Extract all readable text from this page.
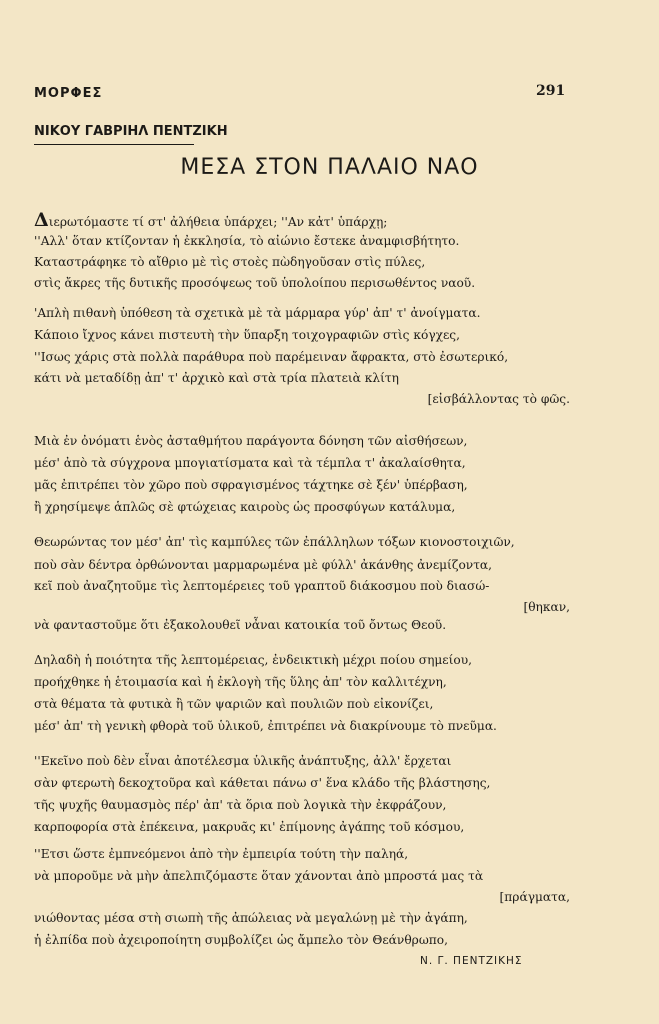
ΜΟΡΦΕΣ	291
ΝΙΚΟΥ ΓΑΒΡΙΗΛ ΠΕΝΤΖΙΚΗ
ΜΕΣΑ ΣΤΟΝ ΠΑΛΑΙΟ ΝΑΟ
Διερωτόμαστε τί στ' ἀλήθεια ὑπάρχει; ''Αν κἀτ' ὑπάρχῃ;
''Αλλ' ὅταν κτίζονταν ἡ ἐκκλησία, τὸ αἰώνιο ἔστεκε ἀναμφισβήτητο.
Καταστράφηκε τὸ αἴθριο μὲ τὶς στοὲς πὼδηγοῦσαν στὶς πύλες,
στὶς ἄκρες τῆς δυτικῆς προσόψεως τοῦ ὑπολοίπου περισωθέντος ναοῦ.
'Απλὴ πιθανὴ ὑπόθεση τὰ σχετικὰ μὲ τὰ μάρμαρα γύρ' ἀπ' τ' ἀνοίγματα.
Κάποιο ἴχνος κάνει πιστευτὴ τὴν ὕπαρξη τοιχογραφιῶν στὶς κόγχες,
''Ισως χάρις στὰ πολλὰ παράθυρα ποὺ παρέμειναν ἄφρακτα, στὸ ἐσωτερικό,
κάτι νὰ μεταδίδῃ ἀπ' τ' ἀρχικὸ καὶ στὰ τρία πλατειὰ κλίτη
[εἰσβάλλοντας τὸ φῶς.
Μιὰ ἐν ὀνόματι ἑνὸς ἀσταθμήτου παράγοντα δόνηση τῶν αἰσθήσεων,
μέσ' ἀπὸ τὰ σύγχρονα μπογιατίσματα καὶ τὰ τέμπλα τ' ἀκαλαίσθητα,
μᾶς ἐπιτρέπει τὸν χῶρο ποὺ σφραγισμένος τάχτηκε σὲ ξέν' ὑπέρβαση,
ἢ χρησίμεψε ἁπλῶς σὲ φτώχειας καιροὺς ὡς προσφύγων κατάλυμα,
Θεωρώντας τον μέσ' ἀπ' τὶς καμπύλες τῶν ἐπάλληλων τόξων κιονοστοιχιῶν,
ποὺ σὰν δέντρα ὀρθώνονται μαρμαρωμένα μὲ φύλλ' ἀκάνθης ἀνεμίζοντα,
κεῖ ποὺ ἀναζητοῦμε τὶς λεπτομέρειες τοῦ γραπτοῦ διάκοσμου ποὺ διασώ-
[θηκαν,
νὰ φανταστοῦμε ὅτι ἐξακολουθεῖ νἆναι κατοικία τοῦ ὄντως Θεοῦ.
Δηλαδὴ ἡ ποιότητα τῆς λεπτομέρειας, ἐνδεικτικὴ μέχρι ποίου σημείου,
προήχθηκε ἡ ἑτοιμασία καὶ ἡ ἐκλογὴ τῆς ὕλης ἀπ' τὸν καλλιτέχνη,
στὰ θέματα τὰ φυτικὰ ἢ τῶν ψαριῶν καὶ πουλιῶν ποὺ εἰκονίζει,
μέσ' ἀπ' τὴ γενικὴ φθορὰ τοῦ ὑλικοῦ, ἐπιτρέπει νὰ διακρίνουμε τὸ πνεῦμα.
''Εκεῖνο ποὺ δὲν εἶναι ἀποτέλεσμα ὑλικῆς ἀνάπτυξης, ἀλλ' ἔρχεται
σὰν φτερωτὴ δεκοχτοῦρα καὶ κάθεται πάνω σ' ἕνα κλάδο τῆς βλάστησης,
τῆς ψυχῆς θαυμασμὸς πέρ' ἀπ' τὰ ὅρια ποὺ λογικὰ τὴν ἐκφράζουν,
καρποφορία στὰ ἐπέκεινα, μακρυᾶς κι' ἐπίμονης ἀγάπης τοῦ κόσμου,
''Ετσι ὥστε ἐμπνεόμενοι ἀπὸ τὴν ἐμπειρία τούτη τὴν παληά,
νὰ μποροῦμε νὰ μὴν ἀπελπιζόμαστε ὅταν χάνονται ἀπὸ μπροστά μας τὰ
[πράγματα,
νιώθοντας μέσα στὴ σιωπὴ τῆς ἀπώλειας νὰ μεγαλώνῃ μὲ τὴν ἀγάπη,
ἡ ἐλπίδα ποὺ ἀχειροποίητη συμβολίζει ὡς ἄμπελο τὸν Θεάνθρωπο,
Ν. Γ. ΠΕΝΤΖΙΚΗΣ
